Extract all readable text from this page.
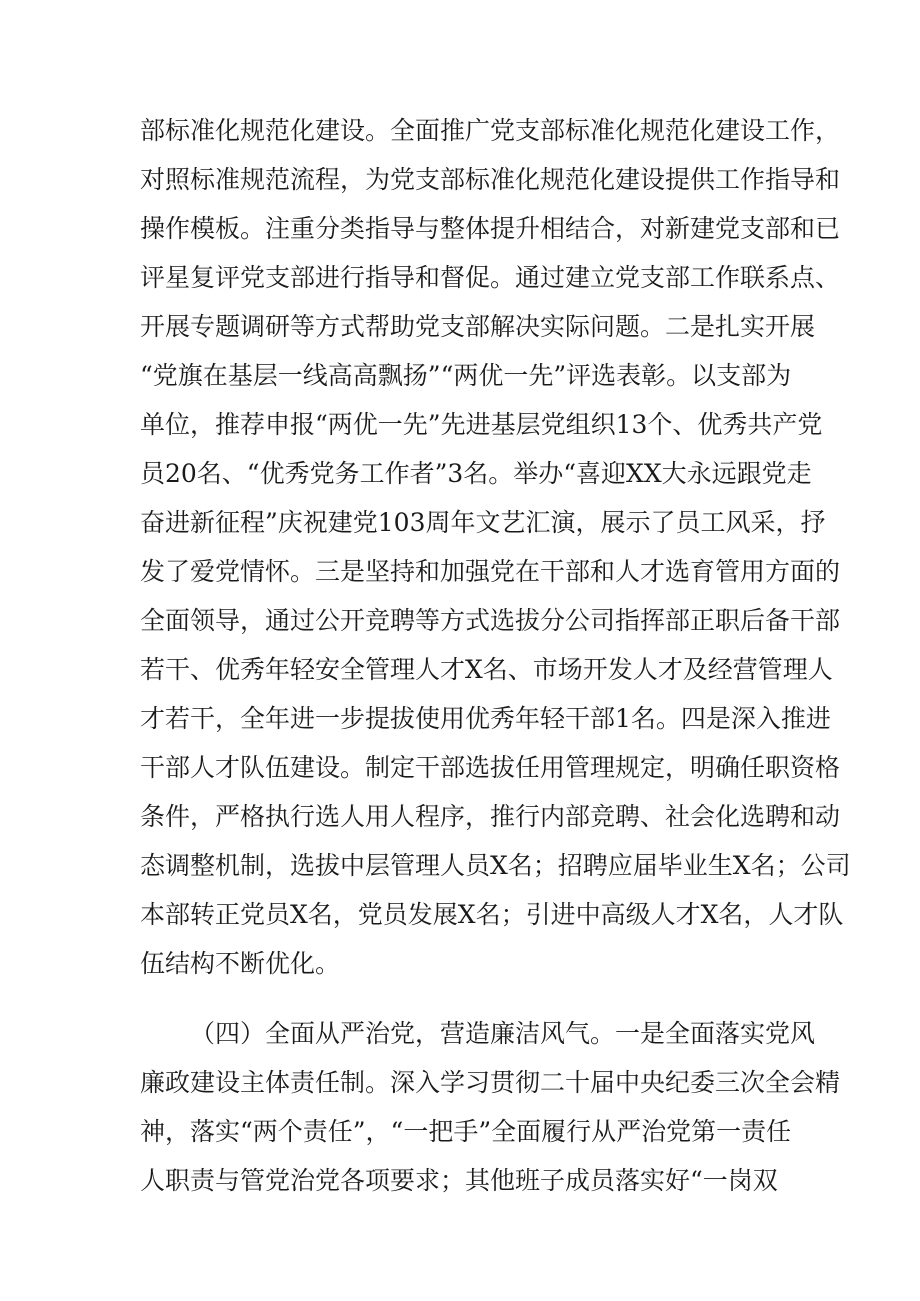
部标准化规范化建设。全面推广党支部标准化规范化建设工作，
对照标准规范流程，为党支部标准化规范化建设提供工作指导和
操作模板。注重分类指导与整体提升相结合，对新建党支部和已
评星复评党支部进行指导和督促。通过建立党支部工作联系点、
开展专题调研等方式帮助党支部解决实际问题。二是扎实开展
“党旗在基层一线高高飘扬”“两优一先”评选表彰。以支部为
单位，推荐申报“两优一先”先进基层党组织13个、优秀共产党
员20名、“优秀党务工作者”3名。举办“喜迎XX大永远跟党走
奋进新征程”庆祝建党103周年文艺汇演，展示了员工风采，抒
发了爱党情怀。三是坚持和加强党在干部和人才选育管用方面的
全面领导，通过公开竞聘等方式选拔分公司指挥部正职后备干部
若干、优秀年轻安全管理人才X名、市场开发人才及经营管理人
才若干，全年进一步提拔使用优秀年轻干部1名。四是深入推进
干部人才队伍建设。制定干部选拔任用管理规定，明确任职资格
条件，严格执行选人用人程序，推行内部竞聘、社会化选聘和动
态调整机制，选拔中层管理人员X名；招聘应届毕业生X名；公司
本部转正党员X名，党员发展X名；引进中高级人才X名，人才队
伍结构不断优化。
（四）全面从严治党，营造廉洁风气。一是全面落实党风
廉政建设主体责任制。深入学习贯彻二十届中央纪委三次全会精
神，落实“两个责任”，“一把手”全面履行从严治党第一责任
人职责与管党治党各项要求；其他班子成员落实好“一岗双
